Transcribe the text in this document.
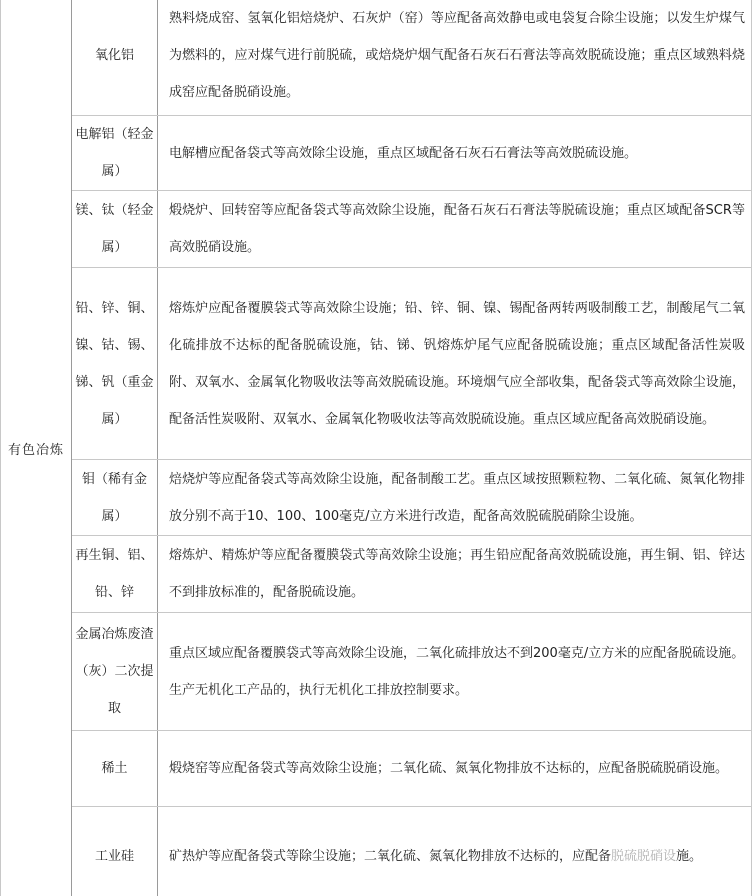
有色冶炼	氧化铝	熟料烧成窑、氢氧化铝焙烧炉、石灰炉（窑）等应配备高效静电或电袋复合除尘设施；以发生炉煤气为燃料的，应对煤气进行前脱硫，或焙烧炉烟气配备石灰石石膏法等高效脱硫设施；重点区域熟料烧成窑应配备脱硝设施。

	电解铝（轻金属）	电解槽应配备袋式等高效除尘设施，重点区域配备石灰石石膏法等高效脱硫设施。

	镁、钛（轻金属）	煅烧炉、回转窑等应配备袋式等高效除尘设施，配备石灰石石膏法等脱硫设施；重点区域配备SCR等高效脱硝设施。

	铅、锌、铜、镍、钴、锡、锑、钒（重金属）	熔炼炉应配备覆膜袋式等高效除尘设施；铅、锌、铜、镍、锡配备两转两吸制酸工艺，制酸尾气二氧化硫排放不达标的配备脱硫设施，钴、锑、钒熔炼炉尾气应配备脱硫设施；重点区域配备活性炭吸附、双氧水、金属氧化物吸收法等高效脱硫设施。环境烟气应全部收集，配备袋式等高效除尘设施，配备活性炭吸附、双氧水、金属氧化物吸收法等高效脱硫设施。重点区域应配备高效脱硝设施。

	钼（稀有金属）	焙烧炉等应配备袋式等高效除尘设施，配备制酸工艺。重点区域按照颗粒物、二氧化硫、氮氧化物排放分别不高于10、100、100毫克/立方米进行改造，配备高效脱硫脱硝除尘设施。

	再生铜、铝、铅、锌	熔炼炉、精炼炉等应配备覆膜袋式等高效除尘设施；再生铅应配备高效脱硫设施，再生铜、铝、锌达不到排放标准的，配备脱硫设施。

	金属冶炼废渣（灰）二次提取	重点区域应配备覆膜袋式等高效除尘设施，二氧化硫排放达不到200毫克/立方米的应配备脱硫设施。
生产无机化工产品的，执行无机化工排放控制要求。

	稀土	煅烧窑等应配备袋式等高效除尘设施；二氧化硫、氮氧化物排放不达标的，应配备脱硫脱硝设施。

	工业硅	矿热炉等应配备袋式等除尘设施；二氧化硫、氮氧化物排放不达标的，应配备脱硫脱硝设施。
